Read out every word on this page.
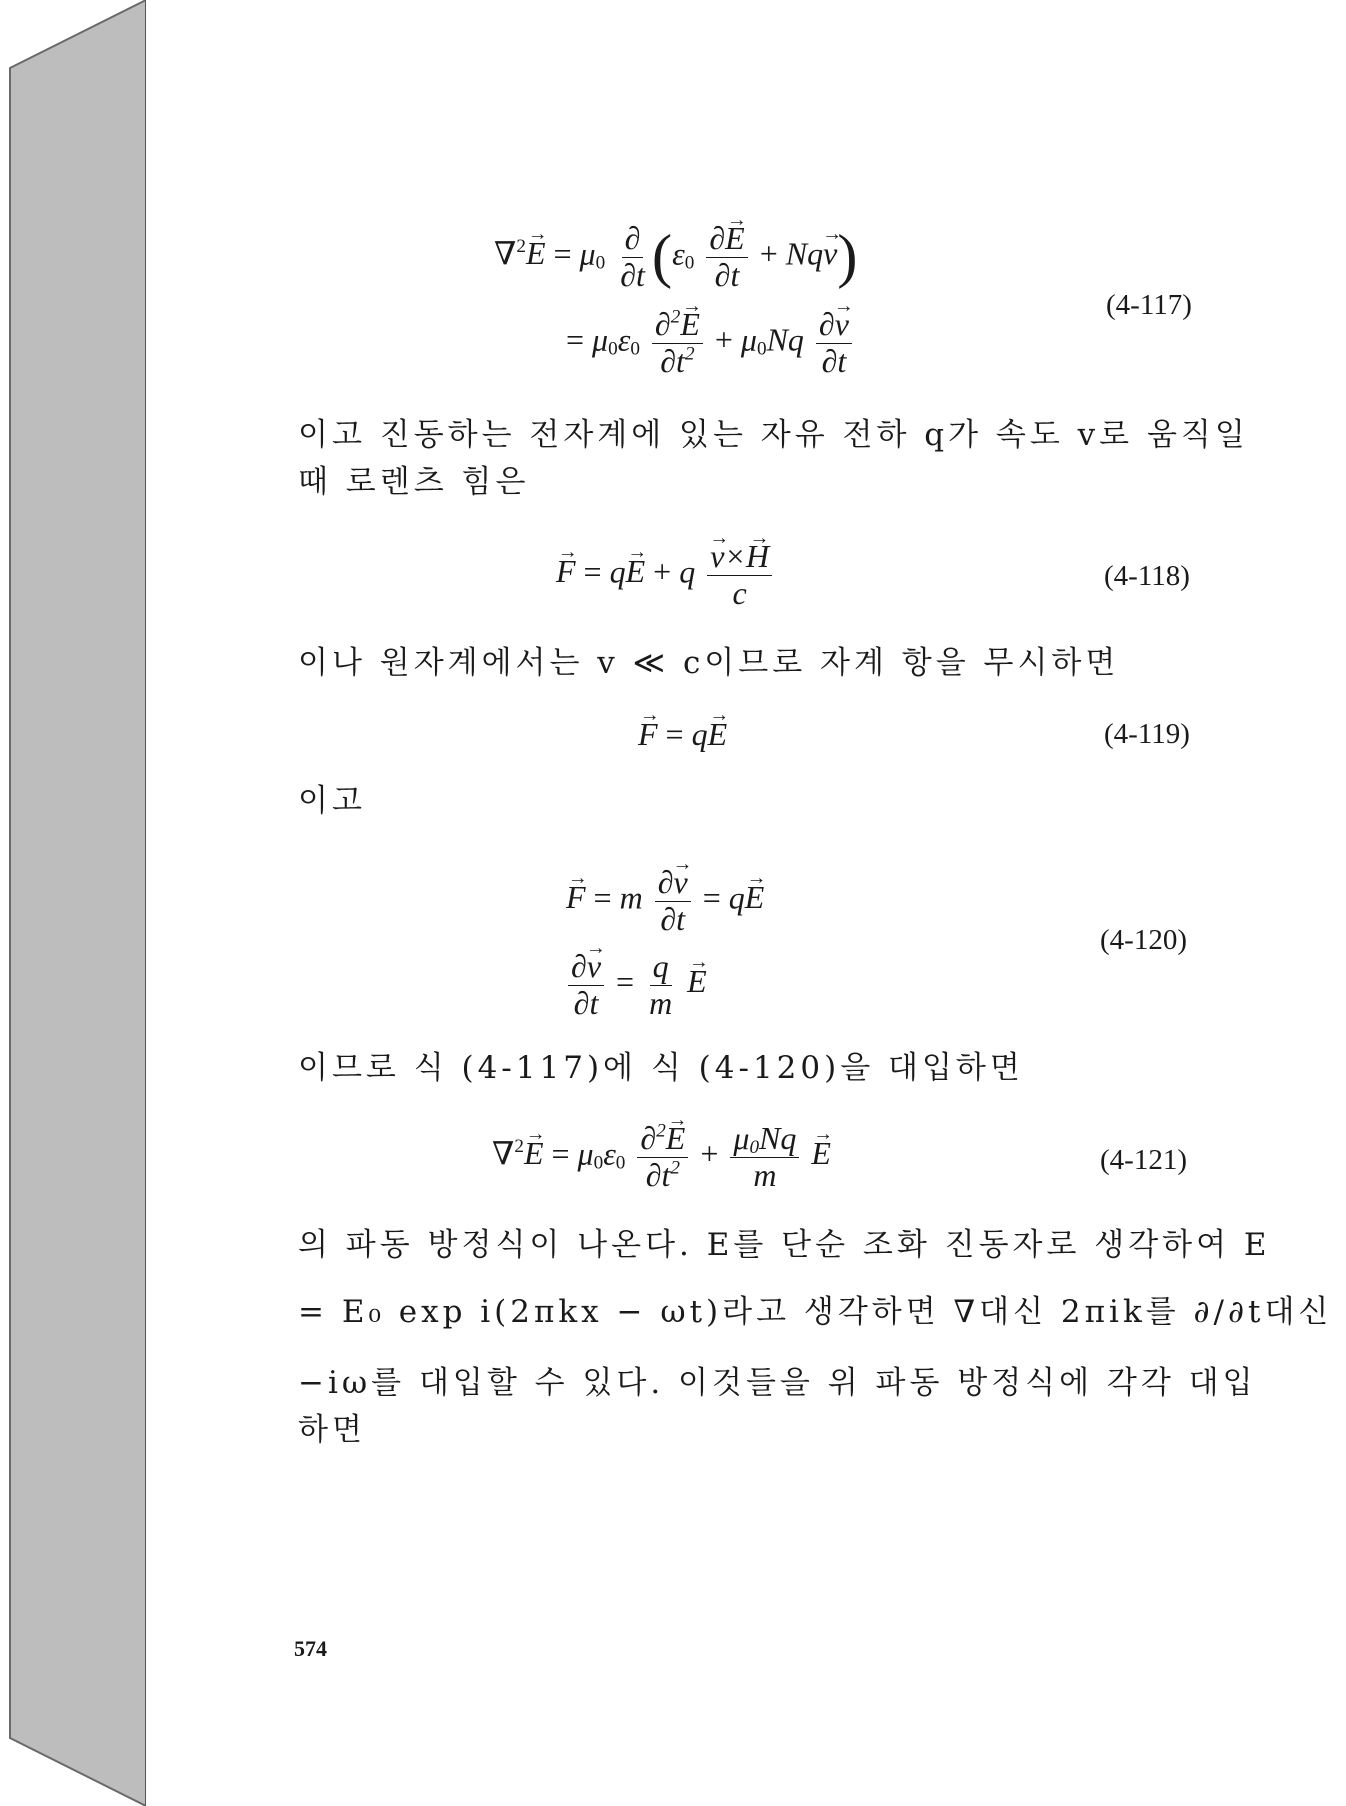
$\nabla^2\to E = \mu_0 \frac{\partial}{\partial t} (\varepsilon_0 \frac{\partial\to E}{\partial t} + Nq\to v)$
= $\mu_0\varepsilon_0 \frac{\partial^2\to E}{\partial t^2} + \mu_0Nq \frac{\partial\to v}{\partial t}$
(4-117)
이고 진동하는 전자계에 있는 자유 전하 q가 속도 v로 움직일
때 로렌츠 힘은
→ F = q→ E + q
→ $\frac{v\times\to H}{c}$	(4-118)
이나 원자계에서는 v ≪ c이므로 자계 항을 무시하면
→ F = q→ E	(4-119)
이고
→ F = m $\frac{\partial\to v}{\partial t} = q\to E$
$\frac{\partial\to v}{\partial t} = \frac{q}{m}$
→ E
(4-120)
이므로 식 (4-117)에 식 (4-120)을 대입하면
$\nabla^2\to E = \mu_0\varepsilon_0 \frac{\partial^2\to E}{\partial t^2} + \frac{\mu_0Nq}{m}$
→ E	(4-121)
의 파동 방정식이 나온다. E를 단순 조화 진동자로 생각하여 E
= E₀ exp i(2πkx − ωt)라고 생각하면 ∇대신 2πik를 ∂/∂t대신
−iω를 대입할 수 있다. 이것들을 위 파동 방정식에 각각 대입
하면
574
